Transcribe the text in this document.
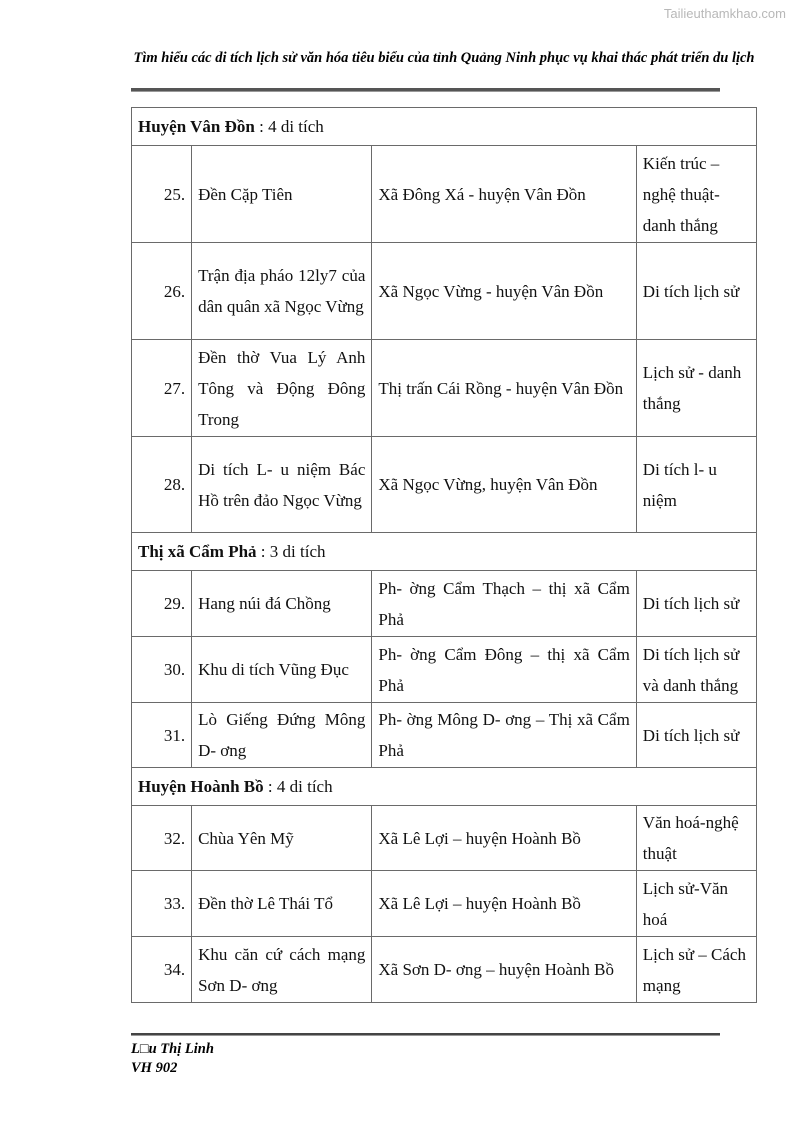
Tailieuthamkhao.com
Tìm hiểu các di tích lịch sử văn hóa tiêu biểu của tỉnh Quảng Ninh phục vụ khai thác phát triển du lịch
Huyện Vân Đồn : 4 di tích			
25.	Đền Cặp Tiên	Xã Đông Xá - huyện Vân Đồn	Kiến trúc – nghệ thuật-danh thắng
26.	Trận địa pháo 12ly7 của dân quân xã Ngọc Vừng	Xã Ngọc Vừng - huyện Vân Đồn	Di tích lịch sử
27.	Đền thờ Vua Lý Anh Tông và Động Đông Trong	Thị trấn Cái Rồng - huyện Vân Đồn	Lịch sử - danh thắng
28.	Di tích L- u niệm Bác Hồ trên đảo Ngọc Vừng	Xã Ngọc Vừng, huyện Vân Đồn	Di tích l- u niệm
Thị xã Cẩm Phả : 3 di tích			
29.	Hang núi đá Chồng	Ph- ờng Cẩm Thạch – thị xã Cẩm Phả	Di tích lịch sử
30.	Khu di tích Vũng Đục	Ph- ờng Cẩm Đông – thị xã Cẩm Phả	Di tích lịch sử và danh thắng
31.	Lò Giếng Đứng Mông D- ơng	Ph- ờng Mông D- ơng – Thị xã Cẩm Phả	Di tích lịch sử
Huyện Hoành Bồ : 4 di tích			
32.	Chùa Yên Mỹ	Xã Lê Lợi – huyện Hoành Bồ	Văn hoá-nghệ thuật
33.	Đền thờ Lê Thái Tổ	Xã Lê Lợi – huyện Hoành Bồ	Lịch sử-Văn hoá
34.	Khu căn cứ cách mạng Sơn D- ơng	Xã Sơn D- ơng – huyện Hoành Bồ	Lịch sử – Cách mạng
L□u Thị Linh
VH 902
